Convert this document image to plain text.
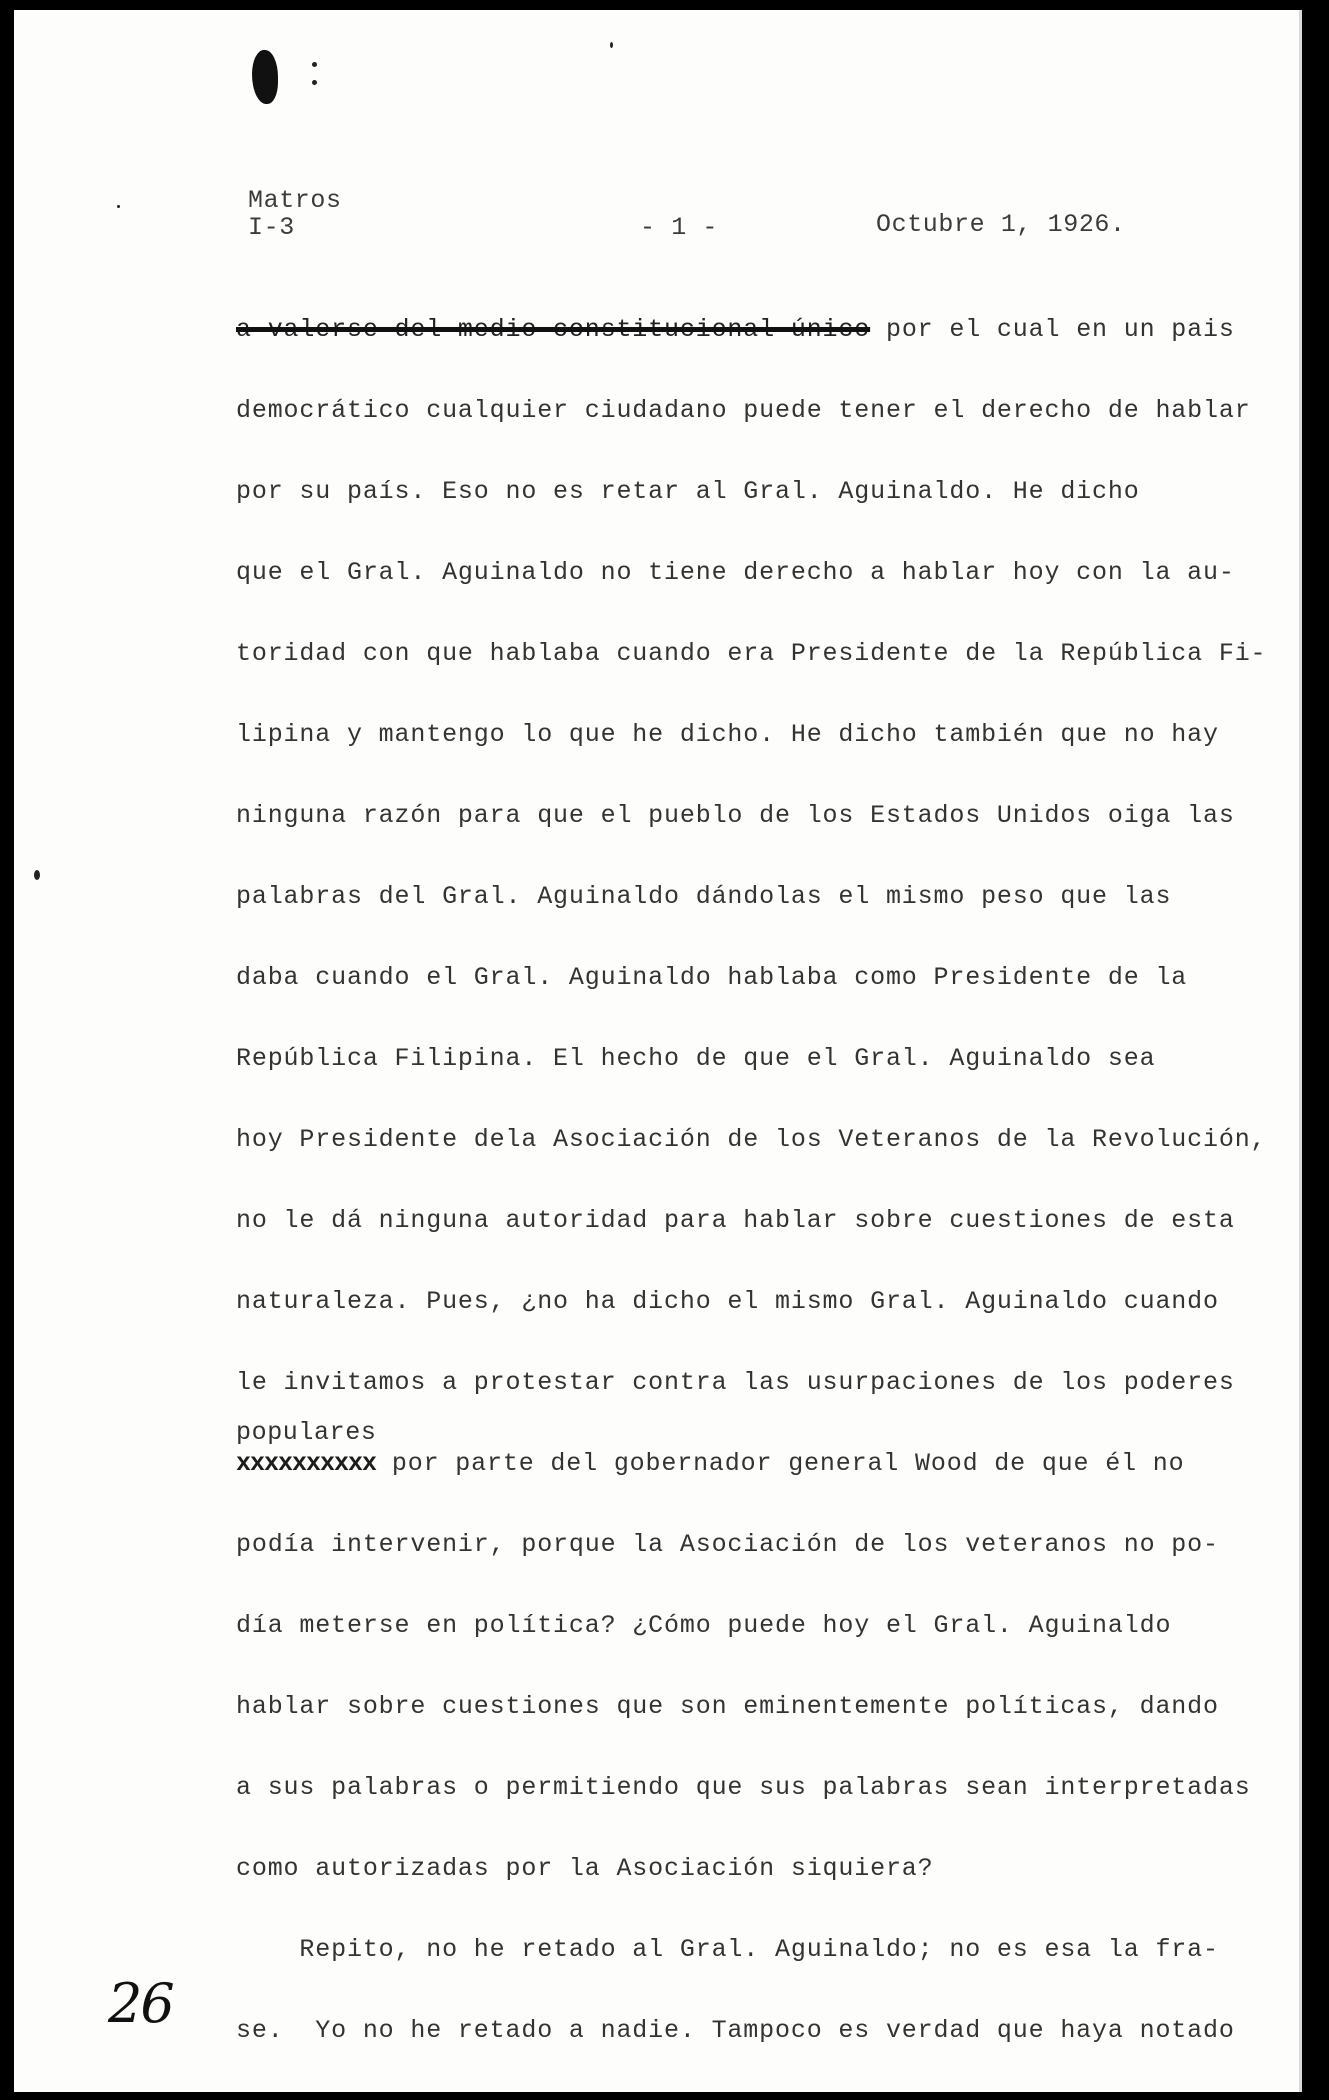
Matros
I-3	- 1 -	Octubre 1, 1926.
a valerse del medio constitucional único por el cual en un pais
democrático cualquier ciudadano puede tener el derecho de hablar
por su país. Eso no es retar al Gral. Aguinaldo. He dicho
que el Gral. Aguinaldo no tiene derecho a hablar hoy con la au-
toridad con que hablaba cuando era Presidente de la República Fi-
lipina y mantengo lo que he dicho. He dicho también que no hay
ninguna razón para que el pueblo de los Estados Unidos oiga las
palabras del Gral. Aguinaldo dándolas el mismo peso que las
daba cuando el Gral. Aguinaldo hablaba como Presidente de la
República Filipina. El hecho de que el Gral. Aguinaldo sea
hoy Presidente dela Asociación de los Veteranos de la Revolución,
no le dá ninguna autoridad para hablar sobre cuestiones de esta
naturaleza. Pues, ¿no ha dicho el mismo Gral. Aguinaldo cuando
le invitamos a protestar contra las usurpaciones de los poderes
populares
xxxxxxxxxx por parte del gobernador general Wood de que él no
podía intervenir, porque la Asociación de los veteranos no po-
día meterse en política? ¿Cómo puede hoy el Gral. Aguinaldo
hablar sobre cuestiones que son eminentemente políticas, dando
a sus palabras o permitiendo que sus palabras sean interpretadas
como autorizadas por la Asociación siquiera?
Repito, no he retado al Gral. Aguinaldo; no es esa la fra-
se.  Yo no he retado a nadie. Tampoco es verdad que haya notado
26
